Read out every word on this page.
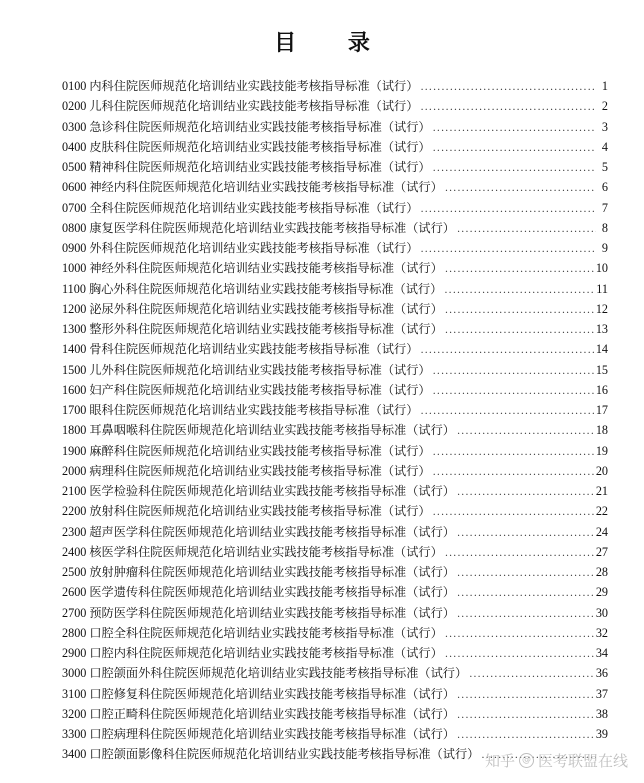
目 录
0100 内科住院医师规范化培训结业实践技能考核指导标准（试行） .....	1
0200 儿科住院医师规范化培训结业实践技能考核指导标准（试行） .....	2
0300 急诊科住院医师规范化培训结业实践技能考核指导标准（试行） .....	3
0400 皮肤科住院医师规范化培训结业实践技能考核指导标准（试行） .....	4
0500 精神科住院医师规范化培训结业实践技能考核指导标准（试行） .....	5
0600 神经内科住院医师规范化培训结业实践技能考核指导标准（试行） .....	6
0700 全科住院医师规范化培训结业实践技能考核指导标准（试行） .....	7
0800 康复医学科住院医师规范化培训结业实践技能考核指导标准（试行） .....	8
0900 外科住院医师规范化培训结业实践技能考核指导标准（试行） .....	9
1000 神经外科住院医师规范化培训结业实践技能考核指导标准（试行） .....	10
1100 胸心外科住院医师规范化培训结业实践技能考核指导标准（试行） .....	11
1200 泌尿外科住院医师规范化培训结业实践技能考核指导标准（试行） .....	12
1300 整形外科住院医师规范化培训结业实践技能考核指导标准（试行） .....	13
1400 骨科住院医师规范化培训结业实践技能考核指导标准（试行） .....	14
1500 儿外科住院医师规范化培训结业实践技能考核指导标准（试行） .....	15
1600 妇产科住院医师规范化培训结业实践技能考核指导标准（试行） .....	16
1700 眼科住院医师规范化培训结业实践技能考核指导标准（试行） .....	17
1800 耳鼻咽喉科住院医师规范化培训结业实践技能考核指导标准（试行） .....	18
1900 麻醉科住院医师规范化培训结业实践技能考核指导标准（试行） .....	19
2000 病理科住院医师规范化培训结业实践技能考核指导标准（试行） .....	20
2100 医学检验科住院医师规范化培训结业实践技能考核指导标准（试行） .....	21
2200 放射科住院医师规范化培训结业实践技能考核指导标准（试行） .....	22
2300 超声医学科住院医师规范化培训结业实践技能考核指导标准（试行） .....	24
2400 核医学科住院医师规范化培训结业实践技能考核指导标准（试行） .....	27
2500 放射肿瘤科住院医师规范化培训结业实践技能考核指导标准（试行） .....	28
2600 医学遗传科住院医师规范化培训结业实践技能考核指导标准（试行） .....	29
2700 预防医学科住院医师规范化培训结业实践技能考核指导标准（试行） .....	30
2800 口腔全科住院医师规范化培训结业实践技能考核指导标准（试行） .....	32
2900 口腔内科住院医师规范化培训结业实践技能考核指导标准（试行） .....	34
3000 口腔颌面外科住院医师规范化培训结业实践技能考核指导标准（试行） .....	36
3100 口腔修复科住院医师规范化培训结业实践技能考核指导标准（试行） .....	37
3200 口腔正畸科住院医师规范化培训结业实践技能考核指导标准（试行） .....	38
3300 口腔病理科住院医师规范化培训结业实践技能考核指导标准（试行） .....	39
3400 口腔颌面影像科住院医师规范化培训结业实践技能考核指导标准（试行） ..... 知乎 @ 医考联盟在线
